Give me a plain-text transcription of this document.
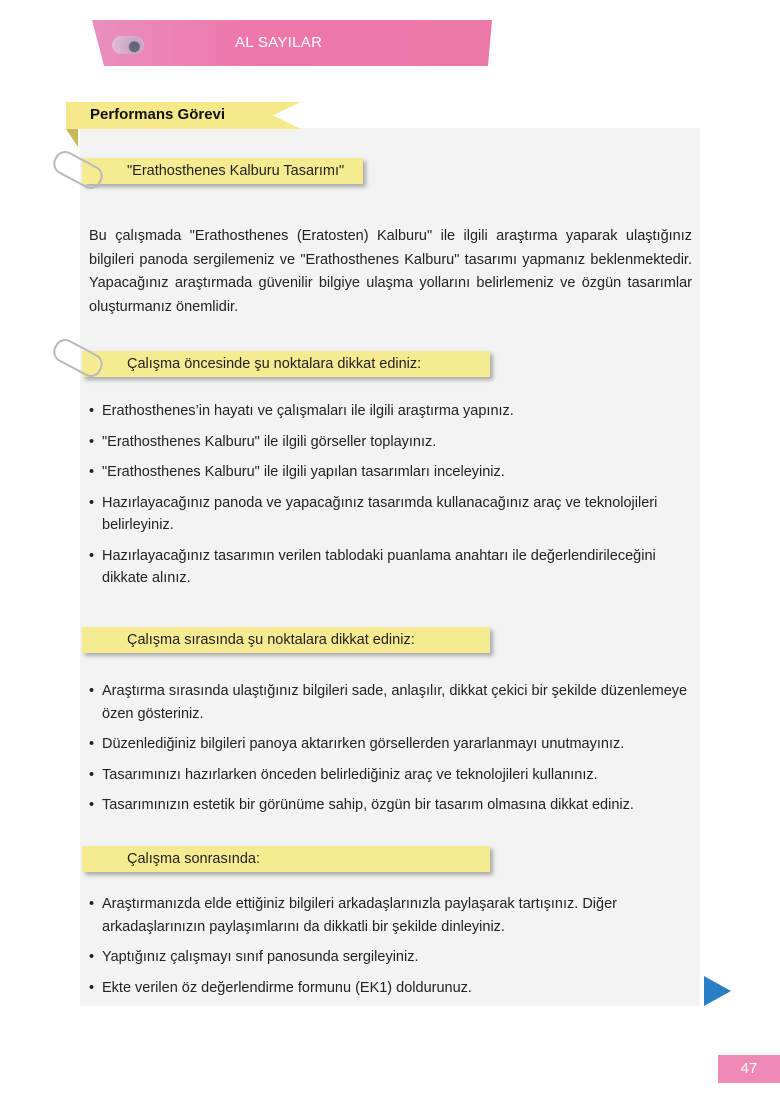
AL SAYILAR
Performans Görevi
"Erathosthenes Kalburu Tasarımı"

Bu çalışmada "Erathosthenes (Eratosten) Kalburu" ile ilgili araştırma yaparak ulaştığınız bilgileri panoda sergilemeniz ve "Erathosthenes Kalburu" tasarımı yapmanız beklenmektedir. Yapacağınız araştırmada güvenilir bilgiye ulaşma yollarını belirlemeniz ve özgün tasarımlar oluşturmanız önemlidir.

Çalışma öncesinde şu noktalara dikkat ediniz:
• Erathosthenes’in hayatı ve çalışmaları ile ilgili araştırma yapınız.
• "Erathosthenes Kalburu" ile ilgili görseller toplayınız.
• "Erathosthenes Kalburu" ile ilgili yapılan tasarımları inceleyiniz.
• Hazırlayacağınız panoda ve yapacağınız tasarımda kullanacağınız araç ve teknolojileri belirleyiniz.
• Hazırlayacağınız tasarımın verilen tablodaki puanlama anahtarı ile değerlendirileceğini dikkate alınız.
Çalışma sırasında şu noktalara dikkat ediniz:
• Araştırma sırasında ulaştığınız bilgileri sade, anlaşılır, dikkat çekici bir şekilde düzenlemeye özen gösteriniz.
• Düzenlediğiniz bilgileri panoya aktarırken görsellerden yararlanmayı unutmayınız.
• Tasarımınızı hazırlarken önceden belirlediğiniz araç ve teknolojileri kullanınız.
• Tasarımınızın estetik bir görünüme sahip, özgün bir tasarım olmasına dikkat ediniz.
Çalışma sonrasında:
• Araştırmanızda elde ettiğiniz bilgileri arkadaşlarınızla paylaşarak tartışınız. Diğer arkadaşlarınızın paylaşımlarını da dikkatli bir şekilde dinleyiniz.
• Yaptığınız çalışmayı sınıf panosunda sergileyiniz.
• Ekte verilen öz değerlendirme formunu (EK1) doldurunuz.
47
